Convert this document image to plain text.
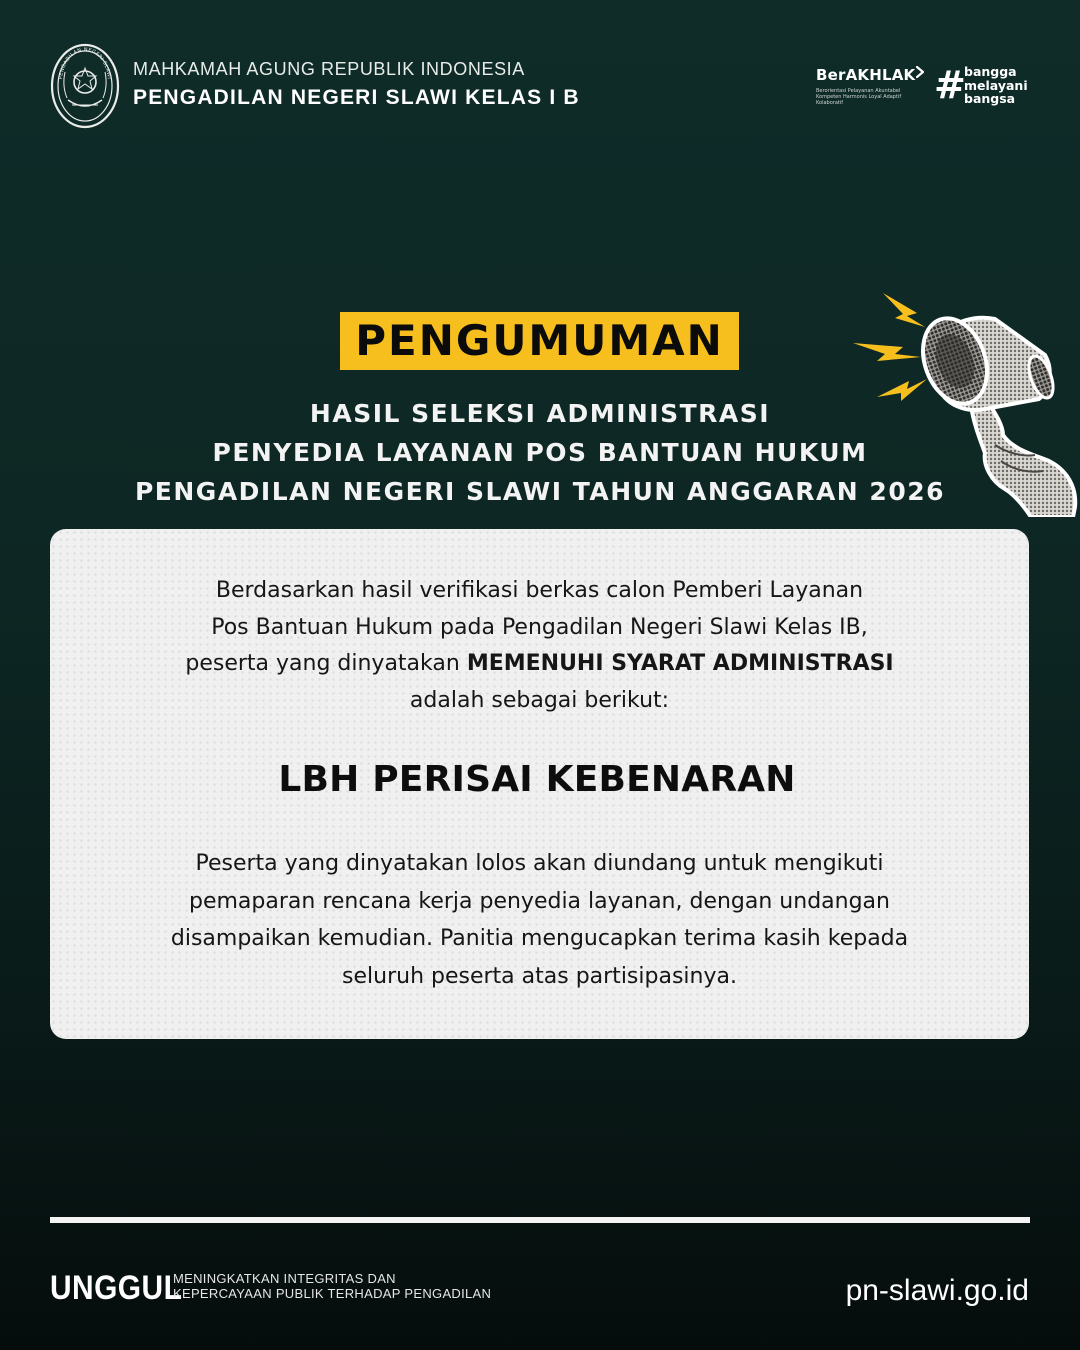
PENGADILAN NEGERI SLAWI MAHKAMAH AGUNG REPUBLIK INDONESIA
PENGADILAN NEGERI SLAWI KELAS I B
BerAKHLAK
Berorientasi Pelayanan Akuntabel Kompeten Harmonis Loyal Adaptif Kolaboratif	#
bangga
melayani
bangsa
PENGUMUMAN
HASIL SELEKSI ADMINISTRASI
PENYEDIA LAYANAN POS BANTUAN HUKUM
PENGADILAN NEGERI SLAWI TAHUN ANGGARAN 2026
Berdasarkan hasil verifikasi berkas calon Pemberi Layanan
Pos Bantuan Hukum pada Pengadilan Negeri Slawi Kelas IB,
peserta yang dinyatakan MEMENUHI SYARAT ADMINISTRASI
adalah sebagai berikut:
LBH PERISAI KEBENARAN
Peserta yang dinyatakan lolos akan diundang untuk mengikuti
pemaparan rencana kerja penyedia layanan, dengan undangan
disampaikan kemudian. Panitia mengucapkan terima kasih kepada
seluruh peserta atas partisipasinya.
UNGGUL
MENINGKATKAN INTEGRITAS DAN
KEPERCAYAAN PUBLIK TERHADAP PENGADILAN	pn-slawi.go.id
